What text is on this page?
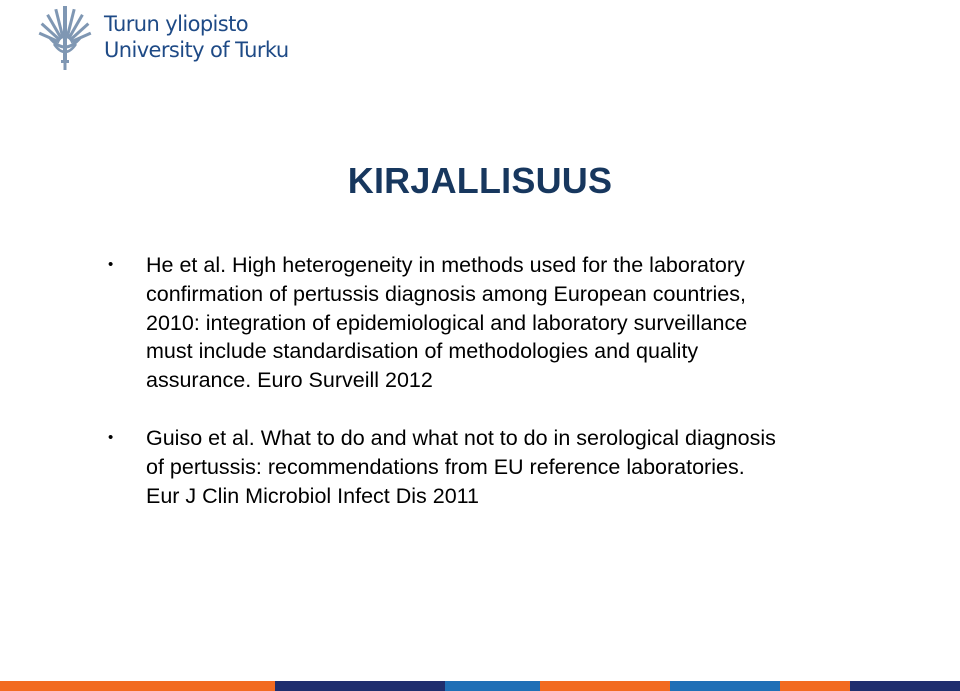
Turun yliopisto
University of Turku
KIRJALLISUUS
• He et al. High heterogeneity in methods used for the laboratory
confirmation of pertussis diagnosis among European countries,
2010: integration of epidemiological and laboratory surveillance
must include standardisation of methodologies and quality
assurance. Euro Surveill 2012
• Guiso et al. What to do and what not to do in serological diagnosis
of pertussis: recommendations from EU reference laboratories.
Eur J Clin Microbiol Infect Dis 2011
